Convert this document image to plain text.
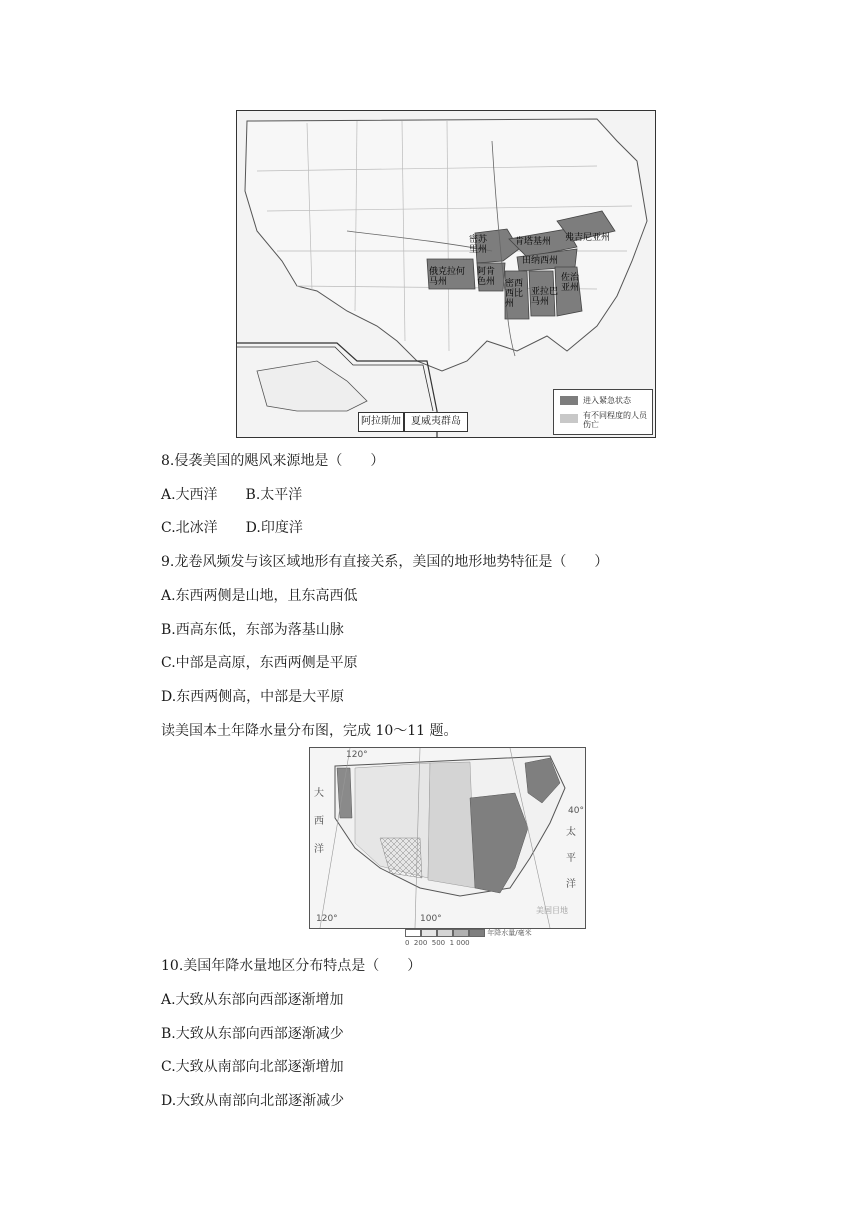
密苏里州
肯塔基州 弗吉尼亚州
田纳西州
俄克拉何马州
阿肯色州	密西西比州
亚拉巴马州
佐治亚州
阿拉斯加	夏威夷群岛
进入紧急状态
有不同程度的人员伤亡
8.侵袭美国的飓风来源地是（　　）
A.大西洋　　B.太平洋
C.北冰洋　　D.印度洋
9.龙卷风频发与该区域地形有直接关系，美国的地形地势特征是（　　）
A.东西两侧是山地，且东高西低
B.西高东低，东部为落基山脉
C.中部是高原，东西两侧是平原
D.东西两侧高，中部是大平原
读美国本土年降水量分布图，完成 10～11 题。
120°
40°
120°	100°
美国目地
大西洋
太平洋
年降水量/毫米
0 200 500 1 000
10.美国年降水量地区分布特点是（　　）
A.大致从东部向西部逐渐增加
B.大致从东部向西部逐渐减少
C.大致从南部向北部逐渐增加
D.大致从南部向北部逐渐减少
